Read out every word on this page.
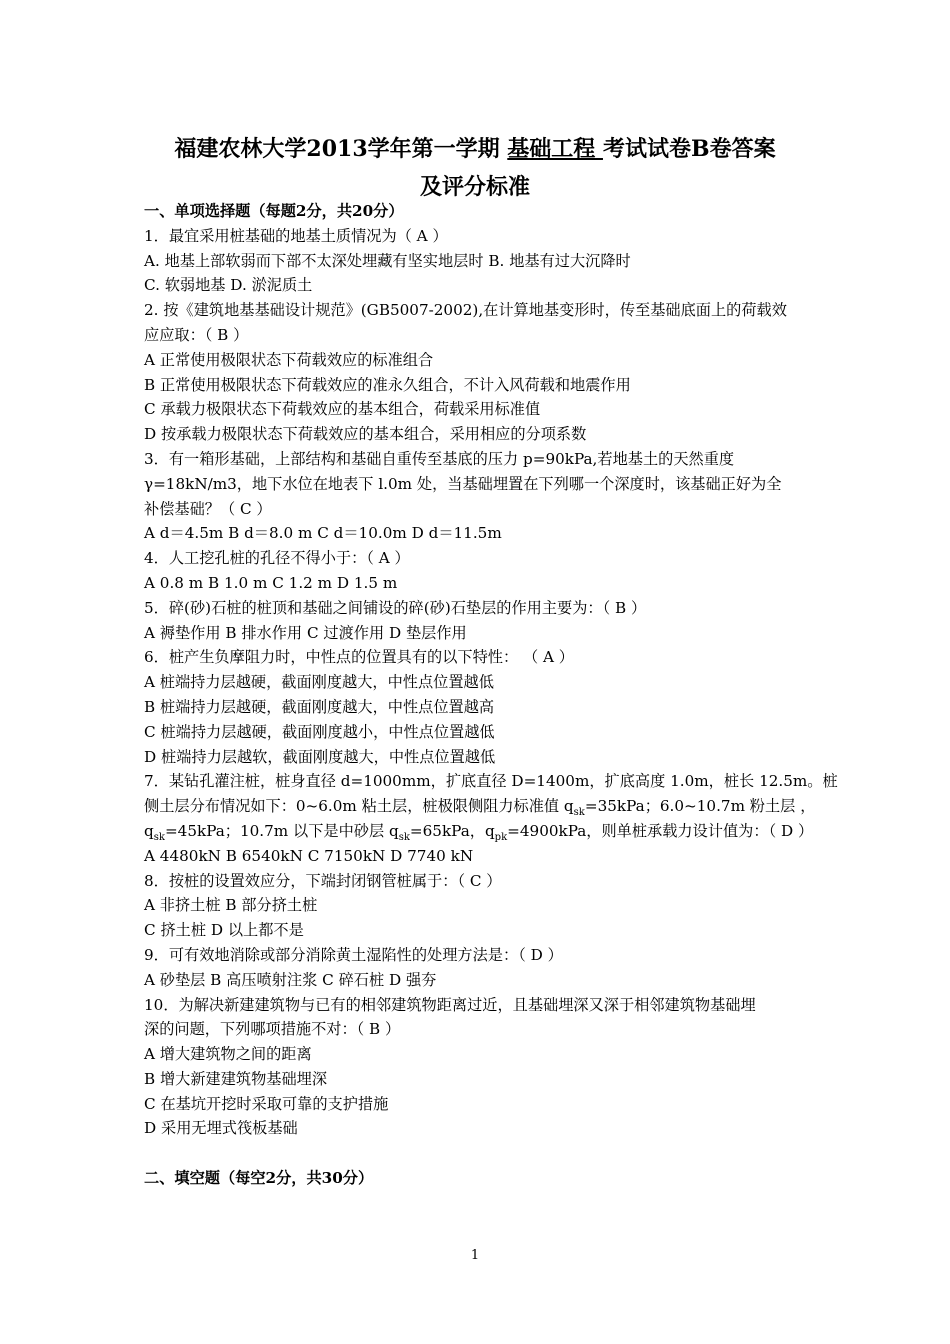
福建农林大学2013学年第一学期 基础工程 考试试卷B卷答案
及评分标准
一、单项选择题（每题2分，共20分）
1．最宜采用桩基础的地基土质情况为（ A ）
A. 地基上部软弱而下部不太深处埋藏有坚实地层时 B. 地基有过大沉降时
C. 软弱地基 D. 淤泥质土
2. 按《建筑地基基础设计规范》(GB5007-2002),在计算地基变形时，传至基础底面上的荷载效
应应取：（ B ）
A 正常使用极限状态下荷载效应的标准组合
B 正常使用极限状态下荷载效应的准永久组合，不计入风荷载和地震作用
C 承载力极限状态下荷载效应的基本组合，荷载采用标准值
D 按承载力极限状态下荷载效应的基本组合，采用相应的分项系数
3．有一箱形基础，上部结构和基础自重传至基底的压力 p=90kPa,若地基土的天然重度
γ=18kN/m3，地下水位在地表下 l.0m 处，当基础埋置在下列哪一个深度时，该基础正好为全
补偿基础？（ C ）
A d＝4.5m B d＝8.0 m C d＝10.0m D d＝11.5m
4．人工挖孔桩的孔径不得小于：（ A ）
A 0.8 m B 1.0 m C 1.2 m D 1.5 m
5．碎(砂)石桩的桩顶和基础之间铺设的碎(砂)石垫层的作用主要为：（ B ）
A 褥垫作用 B 排水作用 C 过渡作用 D 垫层作用
6．桩产生负摩阻力时，中性点的位置具有的以下特性： （ A ）
A 桩端持力层越硬，截面刚度越大，中性点位置越低
B 桩端持力层越硬，截面刚度越大，中性点位置越高
C 桩端持力层越硬，截面刚度越小，中性点位置越低
D 桩端持力层越软，截面刚度越大，中性点位置越低
7．某钻孔灌注桩，桩身直径 d=1000mm，扩底直径 D=1400m，扩底高度 1.0m，桩长 12.5m。桩
侧土层分布情况如下：0~6.0m 粘土层，桩极限侧阻力标准值 $q_{sk}=35kPa$；6.0~10.7m 粉土层 ，
$q_{sk}=45kPa$；10.7m 以下是中砂层 $q_{sk}=65kPa$，$q_{pk}=4900kPa$，则单桩承载力设计值为：（ D ）
A 4480kN B 6540kN C 7150kN D 7740 kN
8．按桩的设置效应分，下端封闭钢管桩属于：（ C ）
A 非挤土桩 B 部分挤土桩
C 挤土桩 D 以上都不是
9．可有效地消除或部分消除黄土湿陷性的处理方法是：（ D ）
A 砂垫层 B 高压喷射注浆 C 碎石桩 D 强夯
10．为解决新建建筑物与已有的相邻建筑物距离过近，且基础埋深又深于相邻建筑物基础埋
深的问题，下列哪项措施不对：（ B ）
A 增大建筑物之间的距离
B 增大新建建筑物基础埋深
C 在基坑开挖时采取可靠的支护措施
D 采用无埋式筏板基础
二、填空题（每空2分，共30分）
1
